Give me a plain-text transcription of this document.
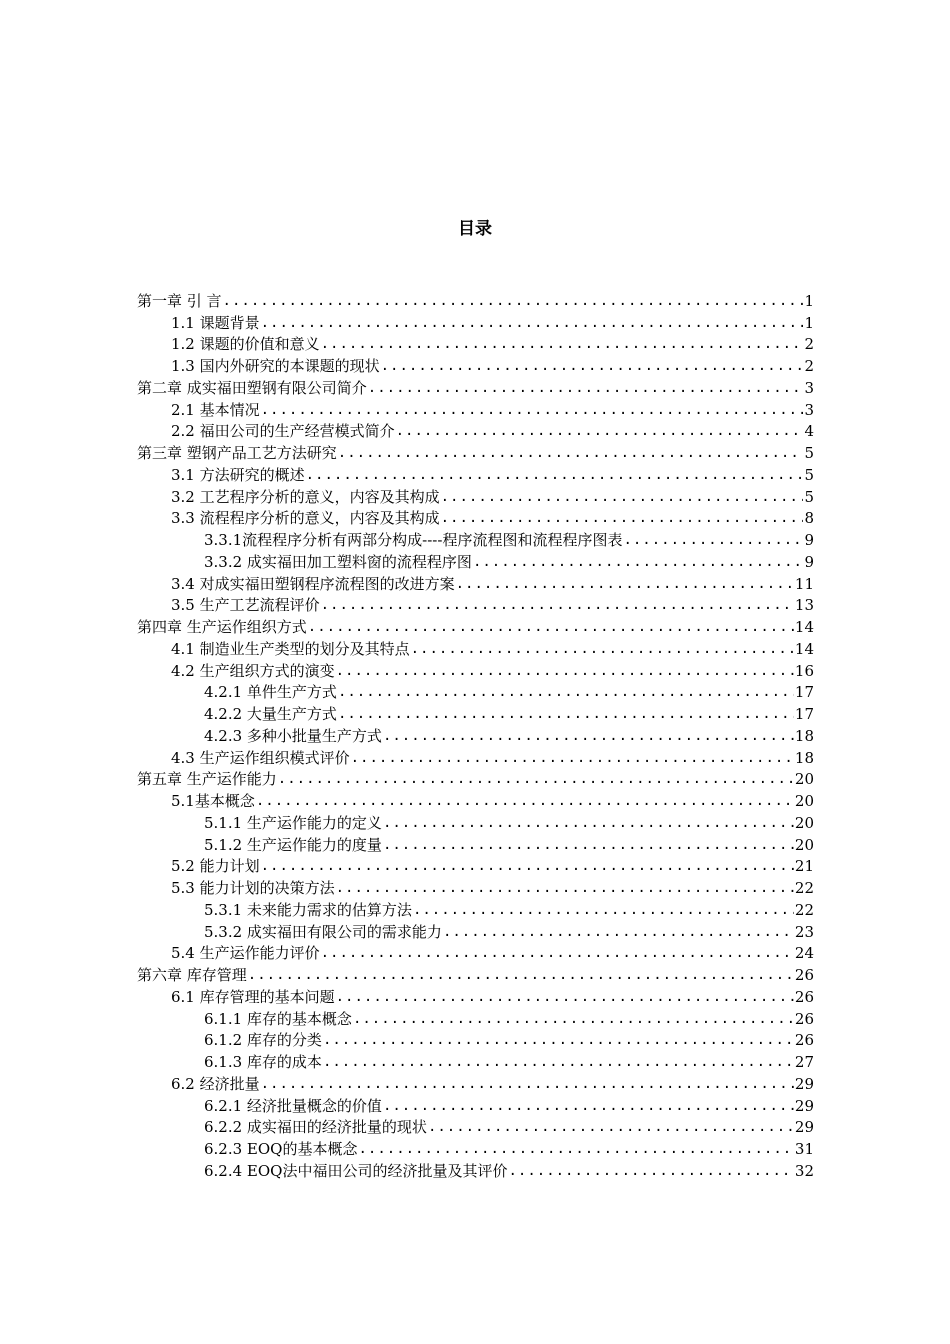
目录
第一章 引 言 .....	1
1.1 课题背景 .....	1
1.2 课题的价值和意义 .....	2
1.3 国内外研究的本课题的现状 .....	2
第二章 成实福田塑钢有限公司简介 .....	3
2.1 基本情况 .....	3
2.2 福田公司的生产经营模式简介 .....	4
第三章 塑钢产品工艺方法研究 .....	5
3.1 方法研究的概述 .....	5
3.2 工艺程序分析的意义，内容及其构成 .....	5
3.3 流程程序分析的意义，内容及其构成 .....	8
3.3.1流程程序分析有两部分构成----程序流程图和流程程序图表 .....	9
3.3.2 成实福田加工塑料窗的流程程序图 .....	9
3.4 对成实福田塑钢程序流程图的改进方案 .....	11
3.5 生产工艺流程评价 .....	13
第四章 生产运作组织方式 .....	14
4.1 制造业生产类型的划分及其特点 .....	14
4.2 生产组织方式的演变 .....	16
4.2.1 单件生产方式 .....	17
4.2.2 大量生产方式 .....	17
4.2.3 多种小批量生产方式 .....	18
4.3 生产运作组织模式评价 .....	18
第五章 生产运作能力 .....	20
5.1基本概念 .....	20
5.1.1 生产运作能力的定义 .....	20
5.1.2 生产运作能力的度量 .....	20
5.2 能力计划 .....	21
5.3 能力计划的决策方法 .....	22
5.3.1 未来能力需求的估算方法 .....	22
5.3.2 成实福田有限公司的需求能力 .....	23
5.4 生产运作能力评价 .....	24
第六章 库存管理 .....	26
6.1 库存管理的基本问题 .....	26
6.1.1 库存的基本概念 .....	26
6.1.2 库存的分类 .....	26
6.1.3 库存的成本 .....	27
6.2 经济批量 .....	29
6.2.1 经济批量概念的价值 .....	29
6.2.2 成实福田的经济批量的现状 .....	29
6.2.3 EOQ的基本概念 .....	31
6.2.4 EOQ法中福田公司的经济批量及其评价 .....	32
